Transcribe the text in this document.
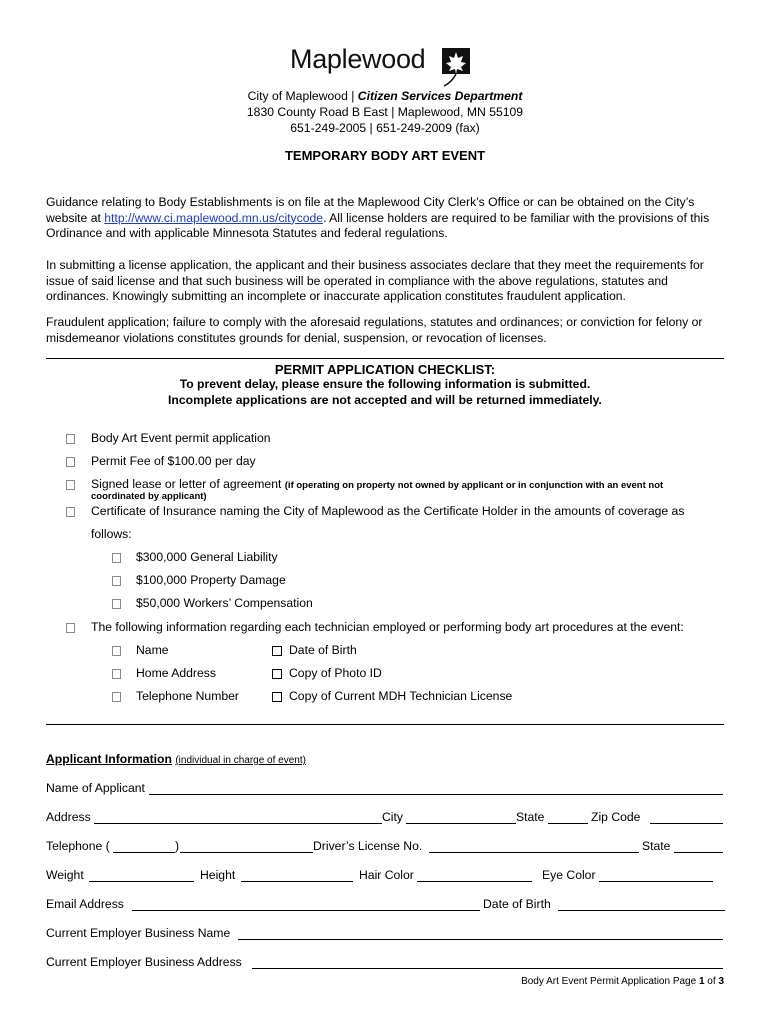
Maplewood
City of Maplewood | Citizen Services Department
1830 County Road B East | Maplewood, MN 55109
651-249-2005 | 651-249-2009 (fax)
TEMPORARY BODY ART EVENT
Guidance relating to Body Establishments is on file at the Maplewood City Clerk’s Office or can be obtained on the City’s website at http://www.ci.maplewood.mn.us/citycode. All license holders are required to be familiar with the provisions of this Ordinance and with applicable Minnesota Statutes and federal regulations.
In submitting a license application, the applicant and their business associates declare that they meet the requirements for issue of said license and that such business will be operated in compliance with the above regulations, statutes and ordinances. Knowingly submitting an incomplete or inaccurate application constitutes fraudulent application.
Fraudulent application; failure to comply with the aforesaid regulations, statutes and ordinances; or conviction for felony or misdemeanor violations constitutes grounds for denial, suspension, or revocation of licenses.
PERMIT APPLICATION CHECKLIST:
To prevent delay, please ensure the following information is submitted.
Incomplete applications are not accepted and will be returned immediately.
Body Art Event permit application
Permit Fee of $100.00 per day
Signed lease or letter of agreement (if operating on property not owned by applicant or in conjunction with an event not
coordinated by applicant)
Certificate of Insurance naming the City of Maplewood as the Certificate Holder in the amounts of coverage as
follows:
$300,000 General Liability
$100,000 Property Damage
$50,000 Workers’ Compensation
The following information regarding each technician employed or performing body art procedures at the event:
Name	Date of Birth
Home Address	Copy of Photo ID
Telephone Number	Copy of Current MDH Technician License
Applicant Information (individual in charge of event)
Name of Applicant
Address	City	State	Zip Code
Telephone (	)	Driver’s License No.	State
Weight	Height	Hair Color	Eye Color
Email Address	Date of Birth
Current Employer Business Name
Current Employer Business Address
Body Art Event Permit Application Page 1 of 3
